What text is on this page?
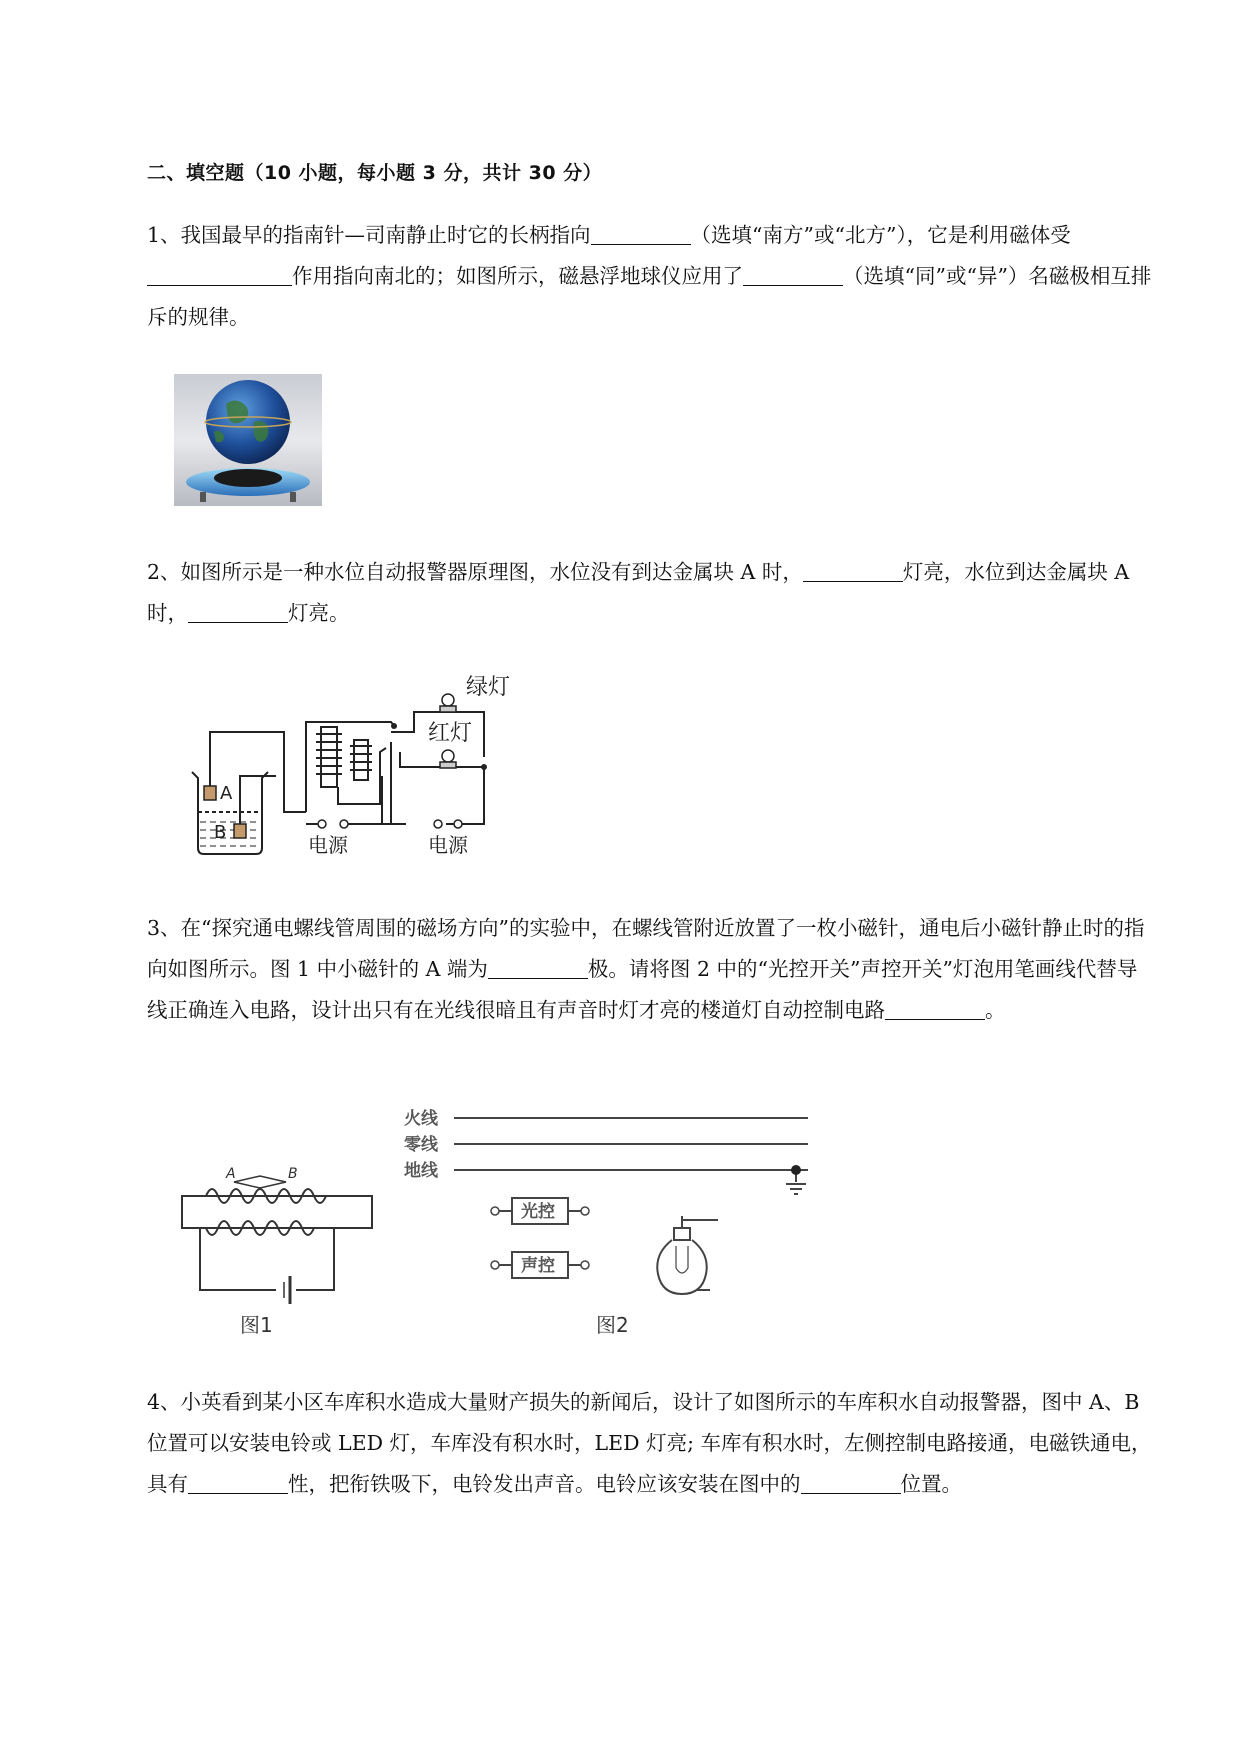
二、填空题（10 小题，每小题 3 分，共计 30 分）
1、我国最早的指南针—司南静止时它的长柄指向	（选填“南方”或“北方”），它是利用磁体受作用指向南北的；如图所示，磁悬浮地球仪应用了	（选填“同”或“异”）名磁极相互排斥的规律。
2、如图所示是一种水位自动报警器原理图，水位没有到达金属块 A 时，	灯亮，水位到达金属块 A 时，	灯亮。
A
B
绿灯
红灯
电源	电源
3、在“探究通电螺线管周围的磁场方向”的实验中，在螺线管附近放置了一枚小磁针，通电后小磁针静止时的指向如图所示。图 1 中小磁针的 A 端为	极。请将图 2 中的“光控开关”声控开关”灯泡用笔画线代替导线正确连入电路，设计出只有在光线很暗且有声音时灯才亮的楼道灯自动控制电路	。
A	B
图1
火线
零线
地线
光控
声控
图2
4、小英看到某小区车库积水造成大量财产损失的新闻后，设计了如图所示的车库积水自动报警器，图中 A、B 位置可以安装电铃或 LED 灯，车库没有积水时，LED 灯亮; 车库有积水时，左侧控制电路接通，电磁铁通电，具有	性，把衔铁吸下，电铃发出声音。电铃应该安装在图中的	位置。
